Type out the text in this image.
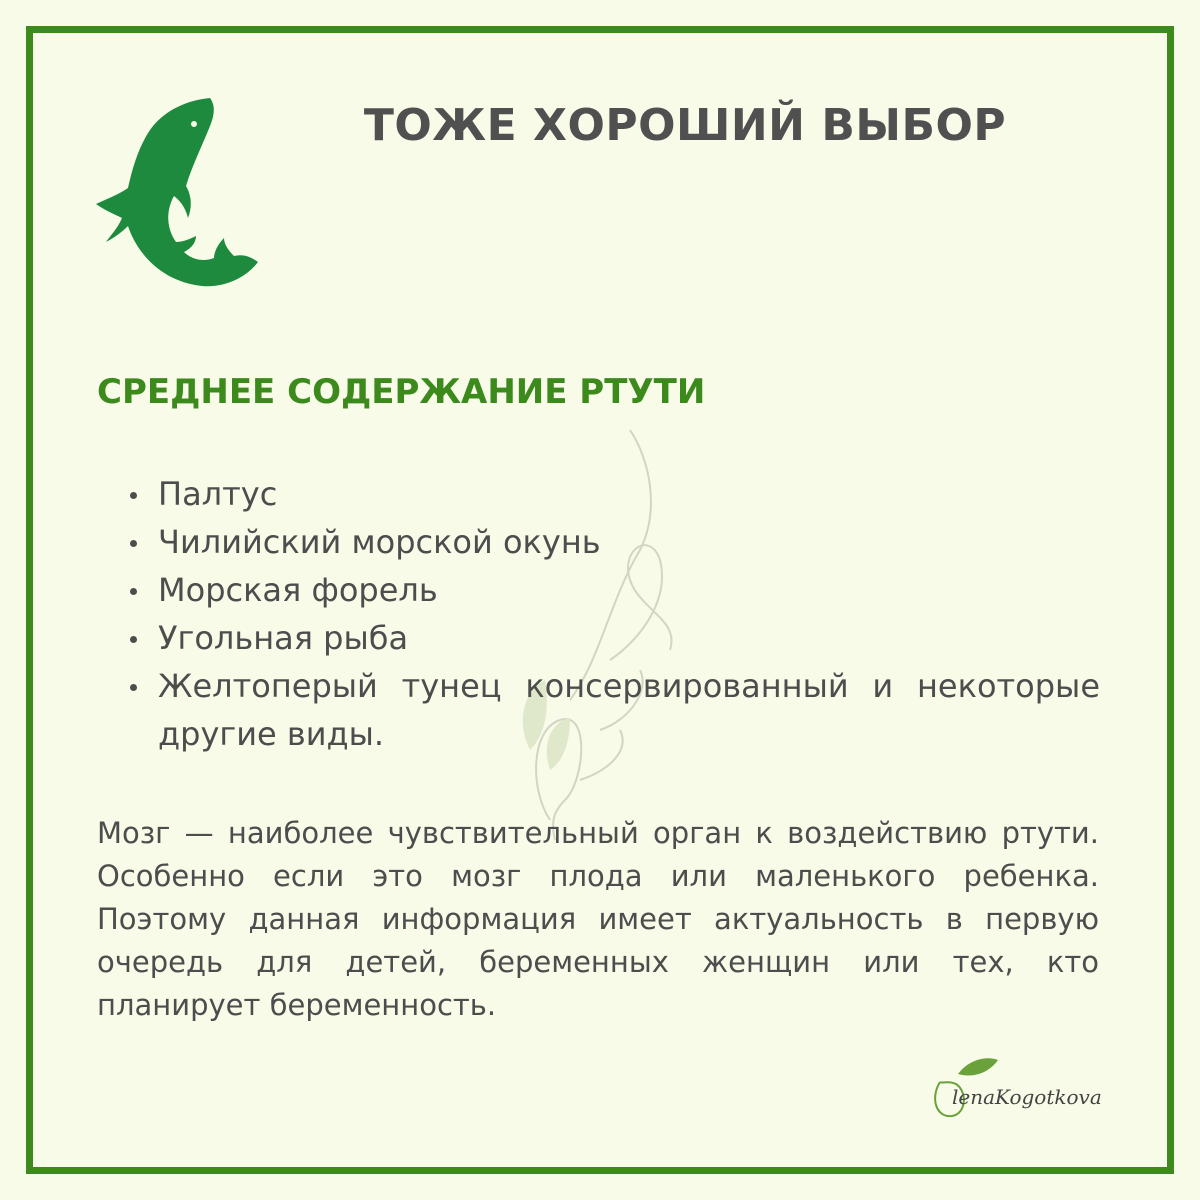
ТОЖЕ ХОРОШИЙ ВЫБОР
СРЕДНЕЕ СОДЕРЖАНИЕ РТУТИ
Палтус
Чилийский морской окунь
Морская форель
Угольная рыба
Желтоперый тунец консервированный и некоторые другие виды.

Мозг — наиболее чувствительный орган к воздействию ртути. Особенно если это мозг плода или маленького ребенка. Поэтому данная информация имеет актуальность в первую очередь для детей, беременных женщин или тех, кто планирует беременность.

lenaKogotkova
